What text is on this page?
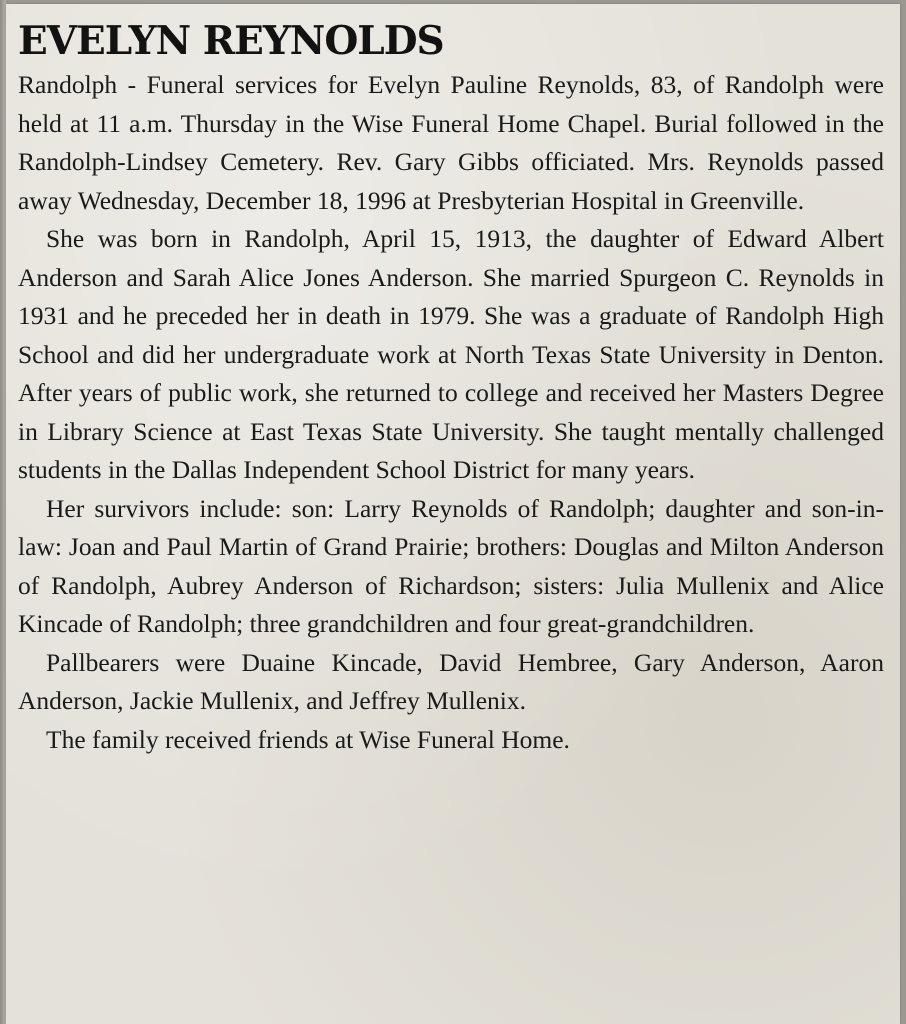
EVELYN REYNOLDS

Randolph - Funeral services for Evelyn Pauline Reynolds, 83, of Randolph were held at 11 a.m. Thursday in the Wise Funeral Home Chapel. Burial followed in the Randolph-Lindsey Cemetery. Rev. Gary Gibbs officiated. Mrs. Reynolds passed away Wednesday, December 18, 1996 at Presbyterian Hospital in Greenville.

She was born in Randolph, April 15, 1913, the daughter of Edward Albert Anderson and Sarah Alice Jones Anderson. She married Spurgeon C. Reynolds in 1931 and he preceded her in death in 1979. She was a graduate of Randolph High School and did her undergraduate work at North Texas State University in Denton. After years of public work, she returned to college and received her Masters Degree in Library Science at East Texas State University. She taught mentally challenged students in the Dallas Independent School District for many years.

Her survivors include: son: Larry Reynolds of Randolph; daughter and son-in-law: Joan and Paul Martin of Grand Prairie; brothers: Douglas and Milton Anderson of Randolph, Aubrey Anderson of Richardson; sisters: Julia Mullenix and Alice Kincade of Randolph; three grandchildren and four great-grandchildren.

Pallbearers were Duaine Kincade, David Hembree, Gary Anderson, Aaron Anderson, Jackie Mullenix, and Jeffrey Mullenix.

The family received friends at Wise Funeral Home.
